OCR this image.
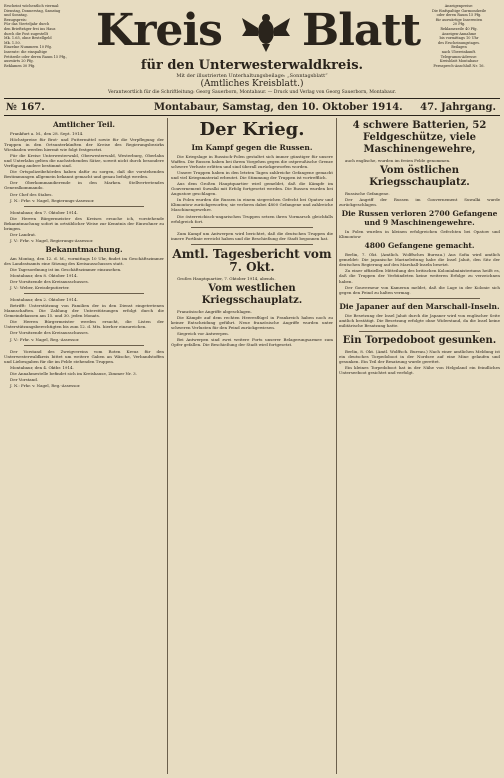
Erscheint wöchentlich viermal:
Dienstag, Donnerstag, Samstag
und Sonntag.
Bezugspreis:
Für das Vierteljahr durch
den Briefträger frei ins Haus
durch die Post zugestellt
Mk. 1.65, ohne Bestellgeld
Mk. 1.50.
Einzelne Nummern 10 Pfg.
Inserate: die einspaltige
Petitzeile oder deren Raum 15 Pfg.,
auswärts 20 Pfg.
Reklamen 30 Pfg.
Kreis Blatt	Anzeigenpreise:
Die fünfspaltige Garmondzeile
oder deren Raum 15 Pfg.
für auswärtige Inserenten
20 Pfg.
Reklamezeile 40 Pfg.
Anzeigen-Annahme
bis vormittags 10 Uhr
des Erscheinungstages.
Beilagen
nach Übereinkunft.
Telegramm-Adresse:
Kreisblatt Montabaur
Fernsprech-Anschluß Nr. 16.
für den Unterwesterwaldkreis.
Mit der illustrierten Unterhaltungsbeilage: „Sonntagsblatt“
(Amtliches Kreisblatt.)
Verantwortlich für die Schriftleitung: Georg Sauerborn, Montabaur. — Druck und Verlag von Georg Sauerborn, Montabaur.
№ 167.	Montabaur, Samstag, den 10. Oktober 1914. 47. Jahrgang.
Amtlicher Teil.

Frankfurt a. M., den 28. Sept. 1914.

Höchstpreise für Brot- und Futtermittel sowie für die Verpflegung der Truppen in den Ortsunterkünften der Kreise des Regierungsbezirks Wiesbaden werden hiermit wie folgt festgesetzt.

Für die Kreise Unterwesterwald, Oberwesterwald, Westerburg, Oberlahn und Unterlahn gelten die nachstehenden Sätze, soweit nicht durch besondere Verfügung andere bestimmt sind.

Die Ortspolizeibehörden haben dafür zu sorgen, daß die vorstehenden Bestimmungen allgemein bekannt gemacht und genau befolgt werden.

Der Oberkommandierende in den Marken. Stellvertretendes Generalkommando.

Der Chef des Stabes.

J. N.: Frhr. v. Nagel, Regierungs-Assessor.

Montabaur, den 7. Oktober 1914.

Die Herren Bürgermeister des Kreises ersuche ich, vorstehende Bekanntmachung sofort in ortsüblicher Weise zur Kenntnis der Einwohner zu bringen.

Der Landrat.

J. V.: Frhr. v. Nagel, Regierungs-Assessor.

Bekanntmachung.

Am Montag, den 12. d. M., vormittags 10 Uhr, findet im Geschäftszimmer des Landratsamts eine Sitzung des Kreisausschusses statt.

Die Tagesordnung ist im Geschäftszimmer einzusehen.

Montabaur, den 8. Oktober 1914.

Der Vorsitzende des Kreisausschusses.

J. V.: Weber, Kreisdeputierter.

Montabaur, den 2. Oktober 1914.

Betrifft: Unterstützung von Familien der in den Dienst eingetretenen Mannschaften. Die Zahlung der Unterstützungen erfolgt durch die Gemeindekassen am 15. und 30. jeden Monats.

Die Herren Bürgermeister werden ersucht, die Listen der Unterstützungsberechtigten bis zum 12. d. Mts. hierher einzureichen.

Der Vorsitzende des Kreisausschusses.

J. V.: Frhr. v. Nagel, Reg.-Assessor.

Der Vorstand des Zweigvereins vom Roten Kreuz für den Unterwesterwaldkreis bittet um weitere Gaben an Wäsche, Verbandstoffen und Liebesgaben für die im Felde stehenden Truppen.

Montabaur, den 4. Oktbr. 1914.

Die Annahmestelle befindet sich im Kreishause, Zimmer Nr. 3.

Der Vorstand.

J. N.: Frhr. v. Nagel, Reg.-Assessor.

Der Krieg.
Im Kampf gegen die Russen.

Die Kriegslage in Russisch-Polen gestaltet sich immer günstiger für unsere Waffen. Die Russen haben bei ihrem Vorgehen gegen die ostpreußische Grenze schwere Verluste erlitten und sind überall zurückgeworfen worden.

Unsere Truppen haben in den letzten Tagen zahlreiche Gefangene gemacht und viel Kriegsmaterial erbeutet. Die Stimmung der Truppen ist vortrefflich.

Aus dem Großen Hauptquartier wird gemeldet, daß die Kämpfe im Gouvernement Suwalki mit Erfolg fortgesetzt werden. Die Russen wurden bei Augustow geschlagen.

In Polen wurden die Russen in einem siegreichen Gefecht bei Opatow und Klimontow zurückgeworfen; sie verloren dabei 4800 Gefangene und zahlreiche Maschinengewehre.

Die österreichisch-ungarischen Truppen setzen ihren Vormarsch gleichfalls erfolgreich fort.

Zum Kampf um Antwerpen wird berichtet, daß die deutschen Truppen die innere Fortlinie erreicht haben und die Beschießung der Stadt begonnen hat.

Amtl. Tagesbericht vom 7. Okt.

Großes Hauptquartier, 7. Oktober 1914, abends.

Vom westlichen Kriegsschauplatz.

Französische Angriffe abgeschlagen.

Die Kämpfe auf dem rechten Heeresflügel in Frankreich haben noch zu keiner Entscheidung geführt. Neue französische Angriffe wurden unter schweren Verlusten für den Feind zurückgewiesen.

Siegreich vor Antwerpen.

Bei Antwerpen sind zwei weitere Forts unserer Belagerungsarmee zum Opfer gefallen. Die Beschießung der Stadt wird fortgesetzt.

4 schwere Batterien, 52 Feldgeschütze, viele Maschinengewehre,

auch englische, wurden im freien Felde genommen.

Vom östlichen Kriegsschauplatz.

Russische Gefangene.

Der Angriff der Russen im Gouvernement Suwalki wurde zurückgeschlagen.

Die Russen verloren 2700 Gefangene und 9 Maschinengewehre.

In Polen wurden in kleinen erfolgreichen Gefechten bei Opatow und Klimontow

4800 Gefangene gemacht.

Berlin, 7. Okt. (Amtlich. Wolffsches Bureau.) Aus Sofia wird amtlich gemeldet: Die japanische Marineleitung habe die Insel Jaluit, den Sitz der deutschen Regierung auf den Marshall-Inseln besetzt.

Zu einer offiziellen Mitteilung des britischen Kolonialministeriums heißt es, daß die Truppen der Verbündeten keine weiteren Erfolge zu verzeichnen haben.

Der Gouverneur von Kamerun meldet, daß die Lage in der Kolonie sich gegen den Feind zu halten vermag.

Die Japaner auf den Marschall-Inseln.

Die Besetzung der Insel Jaluit durch die Japaner wird von englischer Seite amtlich bestätigt. Die Besetzung erfolgte ohne Widerstand, da die Insel keine militärische Besatzung hatte.

Ein Torpedoboot gesunken.

Berlin, 8. Okt. (Amtl. Wolffsch. Bureau.) Nach einer amtlichen Meldung ist ein deutsches Torpedoboot in der Nordsee auf eine Mine gelaufen und gesunken. Ein Teil der Besatzung wurde gerettet.

Ein kleines Torpedoboot hat in der Nähe von Helgoland ein feindliches Unterseeboot gesichtet und verfolgt.
